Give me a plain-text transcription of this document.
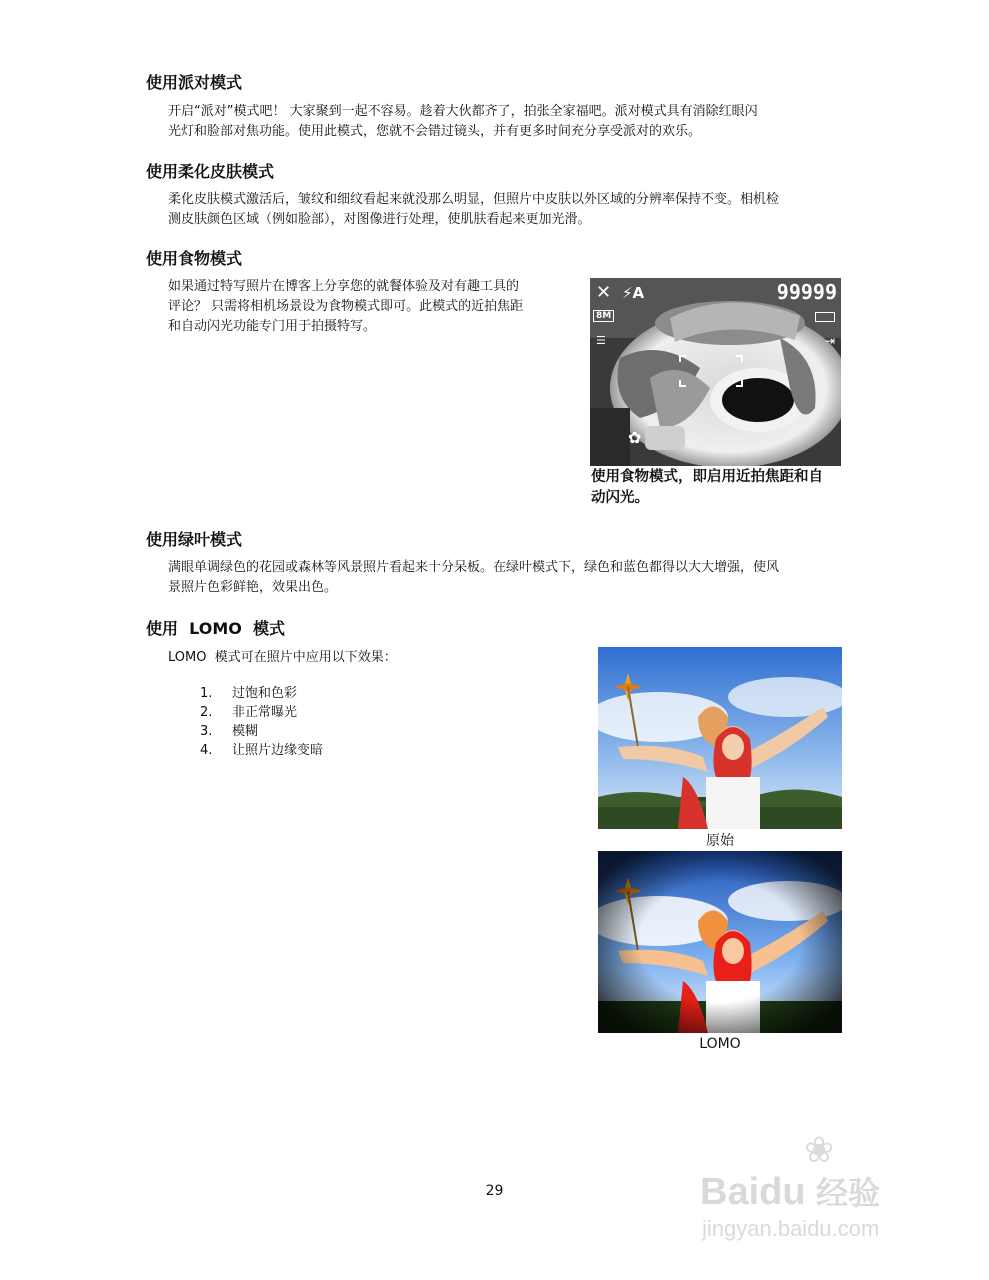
使用派对模式

开启“派对”模式吧！ 大家聚到一起不容易。趁着大伙都齐了，拍张全家福吧。派对模式具有消除红眼闪
光灯和脸部对焦功能。使用此模式，您就不会错过镜头，并有更多时间充分享受派对的欢乐。

使用柔化皮肤模式

柔化皮肤模式激活后，皱纹和细纹看起来就没那么明显，但照片中皮肤以外区域的分辨率保持不变。相机检
测皮肤颜色区域（例如脸部），对图像进行处理，使肌肤看起来更加光滑。

使用食物模式

如果通过特写照片在博客上分享您的就餐体验及对有趣工具的
评论？ 只需将相机场景设为食物模式即可。此模式的近拍焦距
和自动闪光功能专门用于拍摄特写。

✕ ⚡A	99999
8M
⇥
☰
✿

使用食物模式，即启用近拍焦距和自
动闪光。

使用绿叶模式

满眼单调绿色的花园或森林等风景照片看起来十分呆板。在绿叶模式下，绿色和蓝色都得以大大增强，使风
景照片色彩鲜艳，效果出色。

使用  LOMO  模式

LOMO  模式可在照片中应用以下效果：

1.	过饱和色彩
2.	非正常曝光
3.	模糊
4.	让照片边缘变暗
原始
LOMO
29
❀
Baidu 经验
jingyan.baidu.com
